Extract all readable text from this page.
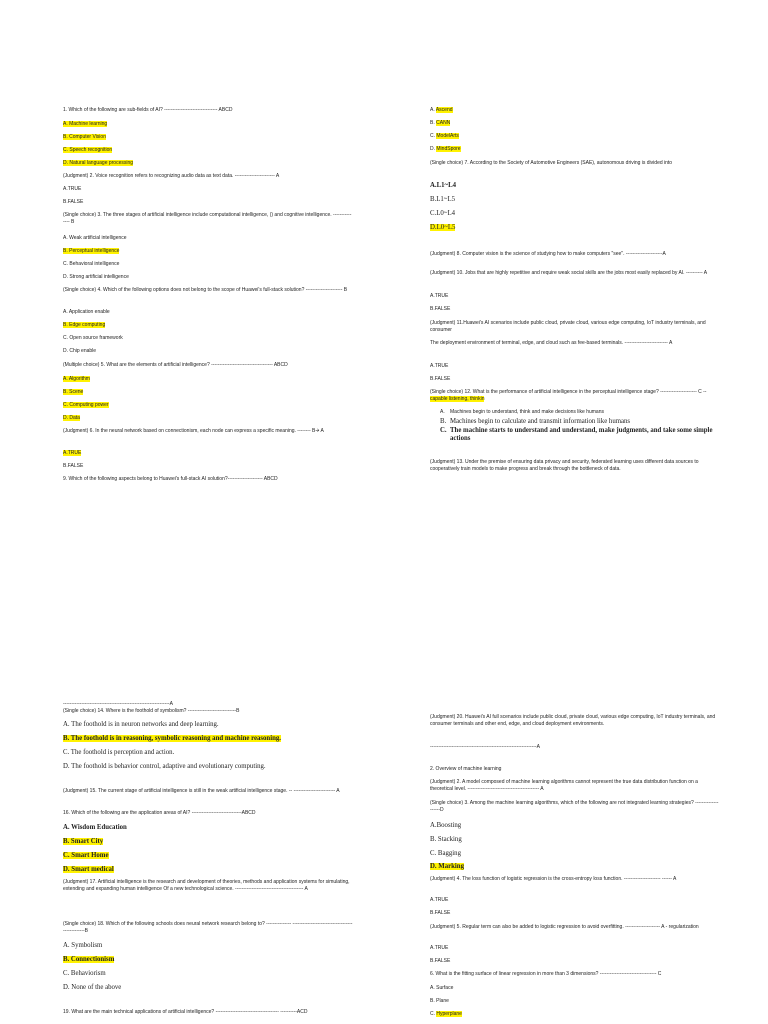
1. Which of the following are sub-fields of AI? -------------------------------- ABCD
A. Machine learning
B. Computer Vision
C. Speech recognition
D. Natural language processing
(Judgment) 2. Voice recognition refers to recognizing audio data as text data. ------------------------ A
A.TRUE
B.FALSE
(Single choice) 3. The three stages of artificial intelligence include computational intelligence, () and cognitive intelligence. --------------- B
A. Weak artificial intelligence
B. Perceptual intelligence
C. Behavioral intelligence
D. Strong artificial intelligence
(Single choice) 4. Which of the following options does not belong to the scope of Huawei's full-stack solution? ---------------------- B
A. Application enable
B. Edge computing
C. Open source framework
D. Chip enable
(Multiple choice) 5. What are the elements of artificial intelligence? ------------------------------------- ABCD
A. Algorithm
B. Scene
C. Computing power
D. Data
(Judgment) 6. In the neural network based on connectionism, each node can express a specific meaning. -------- B🡪 A
A.TRUE
B.FALSE
9. Which of the following aspects belong to Huawei's full-stack AI solution?--------------------- ABCD
A. Ascend
B. CANN
C. ModelArts
D. MindSpore
(Single choice) 7. According to the Society of Automotive Engineers (SAE), autonomous driving is divided into
A.L1~L4
B.L1~L5
C.L0~L4
D.L0~L5
(Judgment) 8. Computer vision is the science of studying how to make computers "see". ----------------------A
(Judgment) 10. Jobs that are highly repetitive and require weak social skills are the jobs most easily replaced by AI. ---------- A
A.TRUE
B.FALSE
(Judgment) 11.Huawei's AI scenarios include public cloud, private cloud, various edge computing, IoT industry terminals, and consumer
The deployment environment of terminal, edge, and cloud such as fee-based terminals. -------------------------- A
A.TRUE
B.FALSE
(Single choice) 12. What is the performance of artificial intelligence in the perceptual intelligence stage? ---------------------- C -- capable listening, thinkin
A. Machines begin to understand, think and make decisions like humans
B. Machines begin to calculate and transmit information like humans
C. The machine starts to understand and understand, make judgments, and take some simple actions
(Judgment) 13. Under the premise of ensuring data privacy and security, federated learning uses different data sources to cooperatively train models to make progress and break through the bottleneck of data.
----------------------------------------------------------------A
(Single choice) 14. Where is the foothold of symbolism? -----------------------------B
A. The foothold is in neuron networks and deep learning.
B. The foothold is in reasoning, symbolic reasoning and machine reasoning.
C. The foothold is perception and action.
D. The foothold is behavior control, adaptive and evolutionary computing.
(Judgment) 15. The current stage of artificial intelligence is still in the weak artificial intelligence stage. -- ------------------------- A
16. Which of the following are the application areas of AI? ------------------------------ABCD
A. Wisdom Education
B. Smart City
C. Smart Home
D. Smart medical
(Judgment) 17. Artificial intelligence is the research and development of theories, methods and application systems for simulating, extending and expanding human intelligence Of a new technological science. ----------------------------------------- A
(Single choice) 18. Which of the following schools does neural network research belong to? --------------- -------------------------------------------------B
A. Symbolism
B. Connectionism
C. Behaviorism
D. None of the above
19. What are the main technical applications of artificial intelligence? -------------------------------------- ----------ACD
(Judgment) 20. Huawei's AI full scenarios include public cloud, private cloud, various edge computing, IoT industry terminals, and consumer terminals and other end, edge, and cloud deployment environments.
----------------------------------------------------------------A
2. Overview of machine learning
(Judgment) 2. A model composed of machine learning algorithms cannot represent the true data distribution function on a theoretical level. ------------------------------------------- A
(Single choice) 3. Among the machine learning algorithms, which of the following are not integrated learning strategies? --------------------D
A.Boosting
B. Stacking
C. Bagging
D. Marking
(Judgment) 4. The loss function of logistic regression is the cross-entropy loss function. ---------------------- ------ A
A.TRUE
B.FALSE
(Judgment) 5. Regular term can also be added to logistic regression to avoid overfitting. --------------------- A - regularization
A.TRUE
B.FALSE
6. What is the fitting surface of linear regression in more than 3 dimensions? ---------------------------------- C
A. Surface
B. Plane
C. Hyperplane
